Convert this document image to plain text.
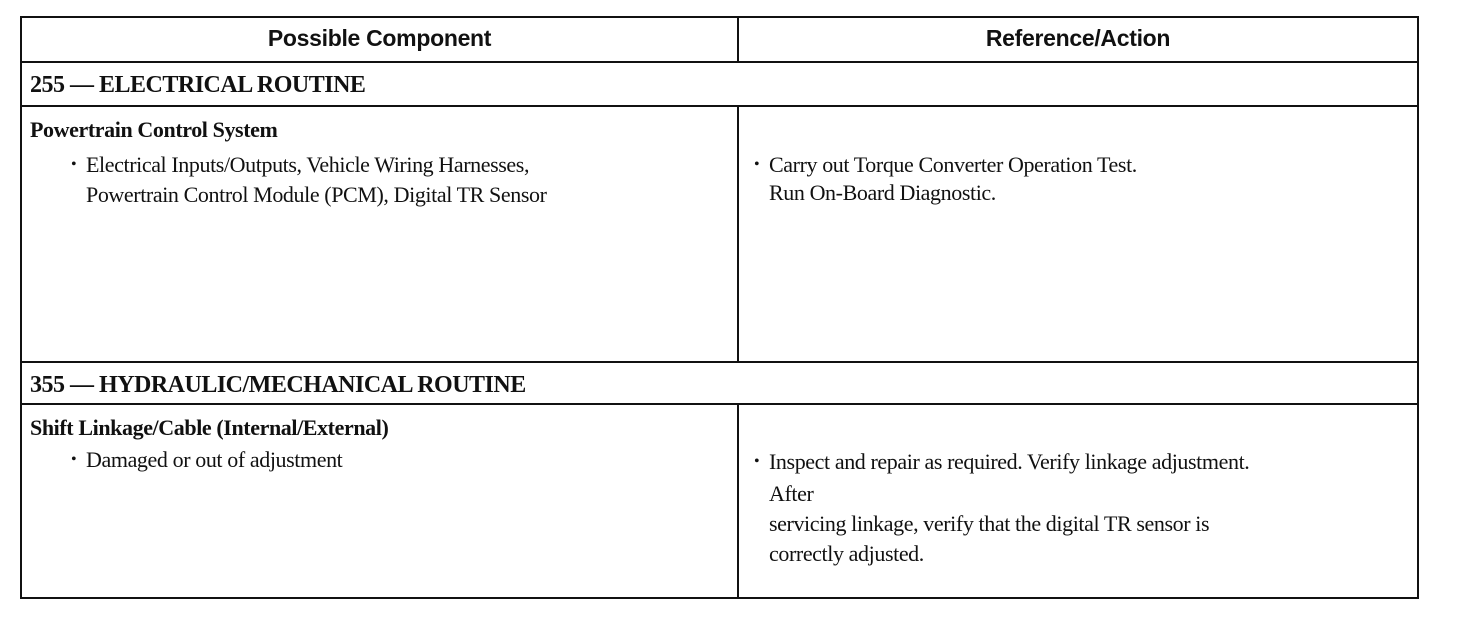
Possible Component	Reference/Action
255 — ELECTRICAL ROUTINE
Powertrain Control System
• Electrical Inputs/Outputs, Vehicle Wiring Harnesses,
Powertrain Control Module (PCM), Digital TR Sensor
• Carry out Torque Converter Operation Test.
Run On-Board Diagnostic.
355 — HYDRAULIC/MECHANICAL ROUTINE
Shift Linkage/Cable (Internal/External)
• Damaged or out of adjustment	• Inspect and repair as required. Verify linkage adjustment.
After
servicing linkage, verify that the digital TR sensor is
correctly adjusted.
